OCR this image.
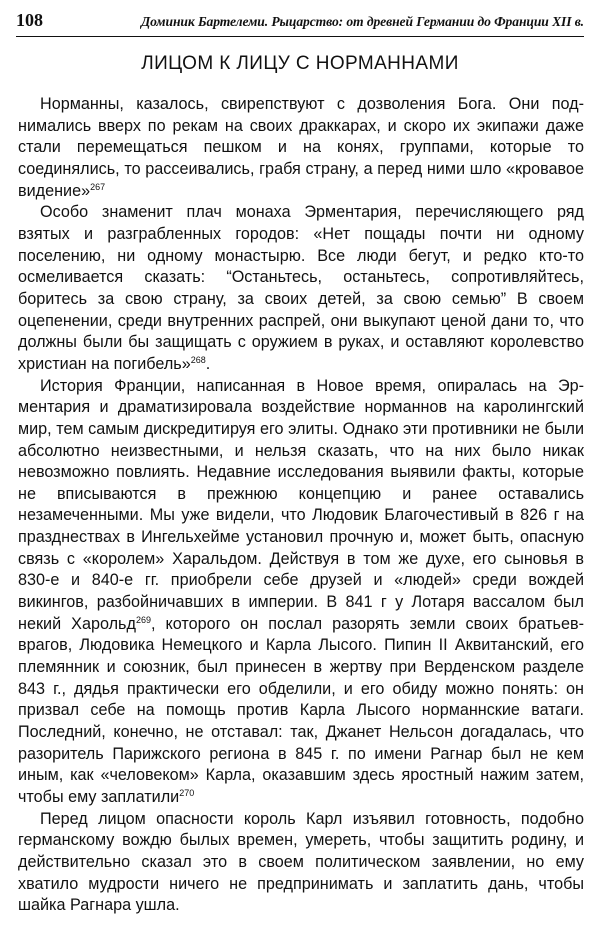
108	Доминик Бартелеми. Рыцарство: от древней Германии до Франции XII в.
ЛИЦОМ К ЛИЦУ С НОРМАННАМИ

Норманны, казалось, свирепствуют с дозволения Бога. Они поднимались вверх по рекам на своих драккарах, и скоро их экипажи даже стали перемещаться пешком и на конях, группами, которые то соединялись, то рассеивались, грабя страну, а перед ними шло «кровавое видение»$^{267}$

Особо знаменит плач монаха Эрментария, перечисляющего ряд взятых и разграбленных городов: «Нет пощады почти ни одному поселению, ни одному монастырю. Все люди бегут, и редко кто-то осмеливается сказать: “Останьтесь, останьтесь, сопротивляйтесь, боритесь за свою страну, за своих детей, за свою семью” В своем оцепенении, среди внутренних распрей, они выкупают ценой дани то, что должны были бы защищать с оружием в руках, и оставляют королевство христиан на погибель»$^{268}$.

История Франции, написанная в Новое время, опиралась на Эрментария и драматизировала воздействие норманнов на каролингский мир, тем самым дискредитируя его элиты. Однако эти противники не были абсолютно неизвестными, и нельзя сказать, что на них было никак невозможно повлиять. Недавние исследования выявили факты, которые не вписываются в прежнюю концепцию и ранее оставались незамеченными. Мы уже видели, что Людовик Благочестивый в 826 г на празднествах в Ингельхейме установил прочную и, может быть, опасную связь с «королем» Харальдом. Действуя в том же духе, его сыновья в 830-е и 840-е гг. приобрели себе друзей и «людей» среди вождей викингов, разбойничавших в империи. В 841 г у Лотаря вассалом был некий Харольд$^{269}$, которого он послал разорять земли своих братьев-врагов, Людовика Немецкого и Карла Лысого. Пипин II Аквитанский, его племянник и союзник, был принесен в жертву при Верденском разделе 843 г., дядья практически его обделили, и его обиду можно понять: он призвал себе на помощь против Карла Лысого норманнские ватаги. Последний, конечно, не отставал: так, Джанет Нельсон догадалась, что разоритель Парижского региона в 845 г. по имени Рагнар был не кем иным, как «человеком» Карла, оказавшим здесь яростный нажим затем, чтобы ему заплатили$^{270}$

Перед лицом опасности король Карл изъявил готовность, подобно германскому вождю былых времен, умереть, чтобы защитить родину, и действительно сказал это в своем политическом заявлении, но ему хватило мудрости ничего не предпринимать и заплатить дань, чтобы шайка Рагнара ушла.
